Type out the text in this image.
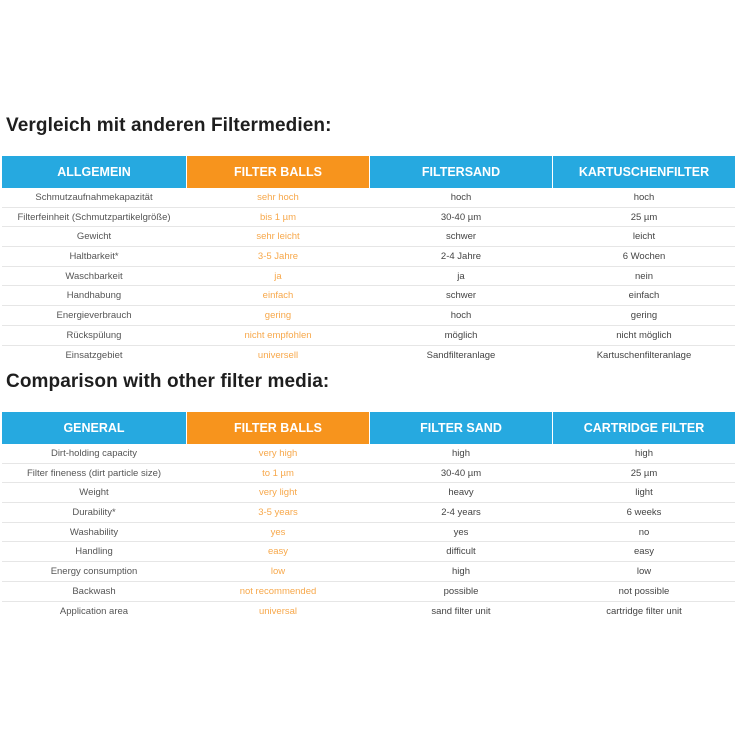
Vergleich mit anderen Filtermedien:
ALLGEMEIN	FILTER BALLS	FILTERSAND	KARTUSCHENFILTER
Schmutzaufnahmekapazität	sehr hoch	hoch	hoch
Filterfeinheit (Schmutzpartikelgröße)	bis 1 µm	30-40 µm	25 µm
Gewicht	sehr leicht	schwer	leicht
Haltbarkeit*	3-5 Jahre	2-4 Jahre	6 Wochen
Waschbarkeit	ja	ja	nein
Handhabung	einfach	schwer	einfach
Energieverbrauch	gering	hoch	gering
Rückspülung	nicht empfohlen	möglich	nicht möglich
Einsatzgebiet	universell	Sandfilteranlage	Kartuschenfilteranlage
Comparison with other filter media:
GENERAL	FILTER BALLS	FILTER SAND	CARTRIDGE FILTER
Dirt-holding capacity	very high	high	high
Filter fineness (dirt particle size)	to 1 µm	30-40 µm	25 µm
Weight	very light	heavy	light
Durability*	3-5 years	2-4 years	6 weeks
Washability	yes	yes	no
Handling	easy	difficult	easy
Energy consumption	low	high	low
Backwash	not recommended	possible	not possible
Application area	universal	sand filter unit	cartridge filter unit
